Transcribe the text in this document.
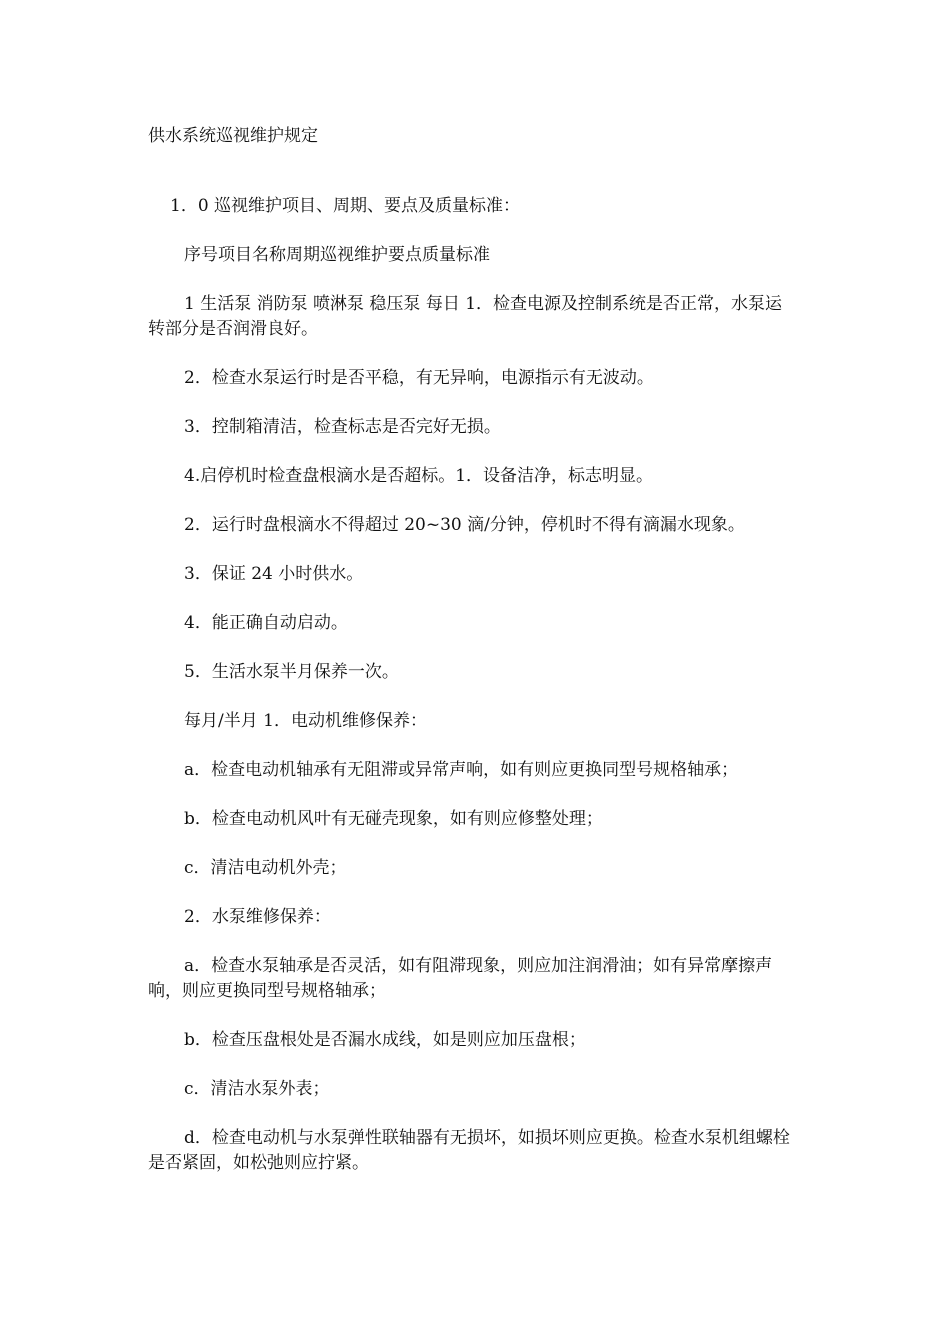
供水系统巡视维护规定

1．0 巡视维护项目、周期、要点及质量标准：

序号项目名称周期巡视维护要点质量标准

1 生活泵 消防泵 喷淋泵 稳压泵 每日 1．检查电源及控制系统是否正常，水泵运转部分是否润滑良好。

2．检查水泵运行时是否平稳，有无异响，电源指示有无波动。

3．控制箱清洁，检查标志是否完好无损。

4.启停机时检查盘根滴水是否超标。1．设备洁净，标志明显。

2．运行时盘根滴水不得超过 20~30 滴/分钟，停机时不得有滴漏水现象。

3．保证 24 小时供水。

4．能正确自动启动。

5．生活水泵半月保养一次。

每月/半月 1．电动机维修保养：

a．检查电动机轴承有无阻滞或异常声响，如有则应更换同型号规格轴承；

b．检查电动机风叶有无碰壳现象，如有则应修整处理；

c．清洁电动机外壳；

2．水泵维修保养：

a．检查水泵轴承是否灵活，如有阻滞现象，则应加注润滑油；如有异常摩擦声响，则应更换同型号规格轴承；

b．检查压盘根处是否漏水成线，如是则应加压盘根；

c．清洁水泵外表；

d．检查电动机与水泵弹性联轴器有无损坏，如损坏则应更换。检查水泵机组螺栓是否紧固，如松弛则应拧紧。
